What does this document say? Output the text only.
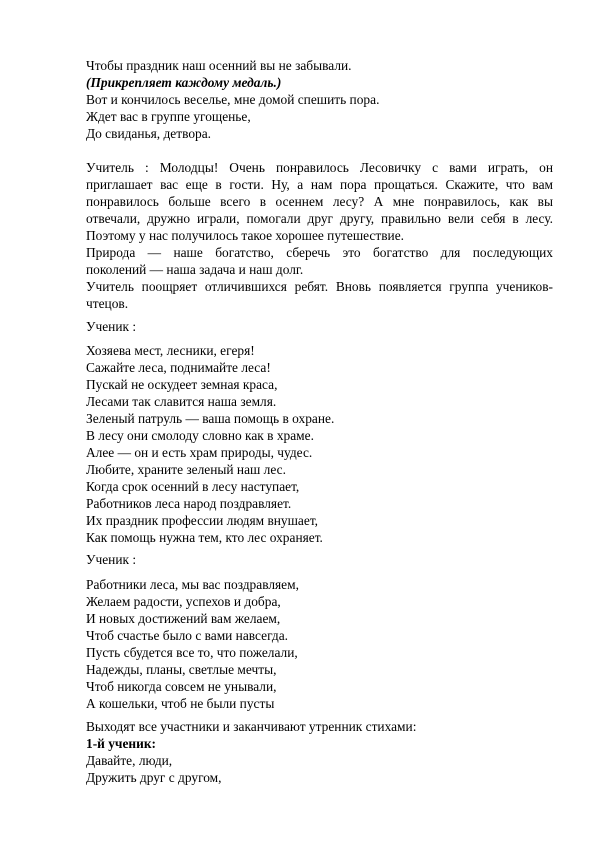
Чтобы праздник наш осенний вы не забывали.
(Прикрепляет каждому медаль.)
Вот и кончилось веселье, мне домой спешить пора.
Ждет вас в группе угощенье,
До свиданья, детвора.
Учитель : Молодцы! Очень понравилось Лесовичку с вами играть, он
приглашает вас еще в гости. Ну, а нам пора прощаться. Скажите, что вам
понравилось больше всего в осеннем лесу? А мне понравилось, как вы
отвечали, дружно играли, помогали друг другу, правильно вели себя в лесу.
Поэтому у нас получилось такое хорошее путешествие.
Природа — наше богатство, сберечь это богатство для последующих
поколений — наша задача и наш долг.
Учитель поощряет отличившихся ребят. Вновь появляется группа учеников-
чтецов.
Ученик :
Хозяева мест, лесники, егеря!
Сажайте леса, поднимайте леса!
Пускай не оскудеет земная краса,
Лесами так славится наша земля.
Зеленый патруль — ваша помощь в охране.
В лесу они смолоду словно как в храме.
Алее — он и есть храм природы, чудес.
Любите, храните зеленый наш лес.
Когда срок осенний в лесу наступает,
Работников леса народ поздравляет.
Их праздник профессии людям внушает,
Как помощь нужна тем, кто лес охраняет.
Ученик :
Работники леса, мы вас поздравляем,
Желаем радости, успехов и добра,
И новых достижений вам желаем,
Чтоб счастье было с вами навсегда.
Пусть сбудется все то, что пожелали,
Надежды, планы, светлые мечты,
Чтоб никогда совсем не унывали,
А кошельки, чтоб не были пусты
Выходят все участники и заканчивают утренник стихами:
1-й ученик:
Давайте, люди,
Дружить друг с другом,
